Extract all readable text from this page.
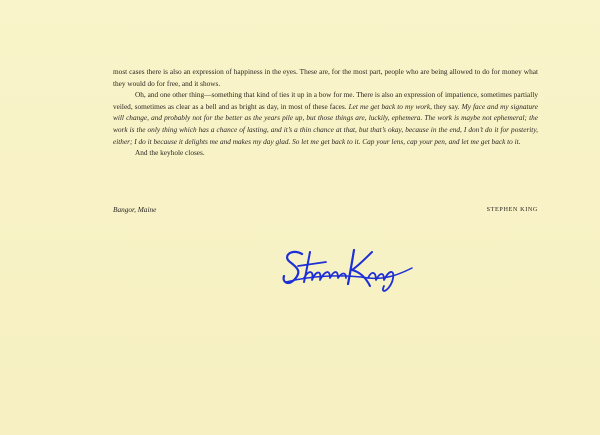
most cases there is also an expression of happiness in the eyes. These are, for the most part, people who are being allowed to do for money what they would do for free, and it shows.

Oh, and one other thing—something that kind of ties it up in a bow for me. There is also an expression of impatience, sometimes partially veiled, sometimes as clear as a bell and as bright as day, in most of these faces. Let me get back to my work, they say. My face and my signature will change, and probably not for the better as the years pile up, but those things are, luckily, ephemera. The work is maybe not ephemeral; the work is the only thing which has a chance of lasting, and it’s a thin chance at that, but that’s okay, because in the end, I don’t do it for posterity, either; I do it because it delights me and makes my day glad. So let me get back to it. Cap your lens, cap your pen, and let me get back to it.

And the keyhole closes.

Bangor, Maine	STEPHEN KING
